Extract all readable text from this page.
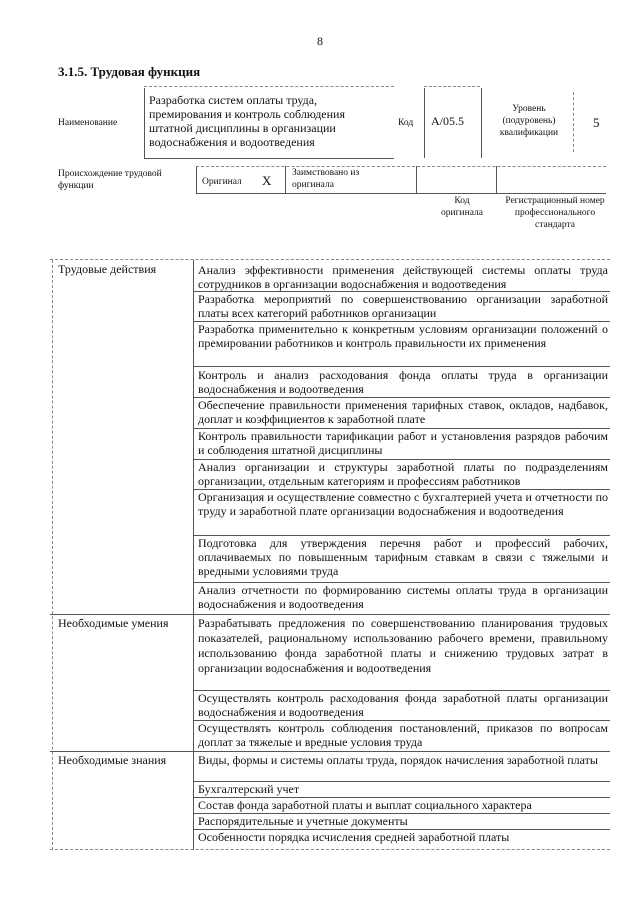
8
3.1.5. Трудовая функция
Наименование
Разработка систем оплаты труда, премирования и контроль соблюдения штатной дисциплины в организации водоснабжения и водоотведения
Код A/05.5
Уровень (подуровень) квалификации
5
Происхождение трудовой функции	Оригинал X Заимствовано из оригинала
Код оригинала
Регистрационный номер профессионального стандарта
Трудовые действия
Необходимые умения
Необходимые знания
Анализ эффективности применения действующей системы оплаты труда сотрудников в организации водоснабжения и водоотведения
Разработка мероприятий по совершенствованию организации заработной платы всех категорий работников организации
Разработка применительно к конкретным условиям организации положений о премировании работников и контроль правильности их применения
Контроль и анализ расходования фонда оплаты труда в организации водоснабжения и водоотведения
Обеспечение правильности применения тарифных ставок, окладов, надбавок, доплат и коэффициентов к заработной плате
Контроль правильности тарификации работ и установления разрядов рабочим и соблюдения штатной дисциплины
Анализ организации и структуры заработной платы по подразделениям организации, отдельным категориям и профессиям работников
Организация и осуществление совместно с бухгалтерией учета и отчетности по труду и заработной плате организации водоснабжения и водоотведения
Подготовка для утверждения перечня работ и профессий рабочих, оплачиваемых по повышенным тарифным ставкам в связи с тяжелыми и вредными условиями труда
Анализ отчетности по формированию системы оплаты труда в организации водоснабжения и водоотведения
Разрабатывать предложения по совершенствованию планирования трудовых показателей, рациональному использованию рабочего времени, правильному использованию фонда заработной платы и снижению трудовых затрат в организации водоснабжения и водоотведения
Осуществлять контроль расходования фонда заработной платы организации водоснабжения и водоотведения
Осуществлять контроль соблюдения постановлений, приказов по вопросам доплат за тяжелые и вредные условия труда
Виды, формы и системы оплаты труда, порядок начисления заработной платы
Бухгалтерский учет
Состав фонда заработной платы и выплат социального характера
Распорядительные и учетные документы
Особенности порядка исчисления средней заработной платы
